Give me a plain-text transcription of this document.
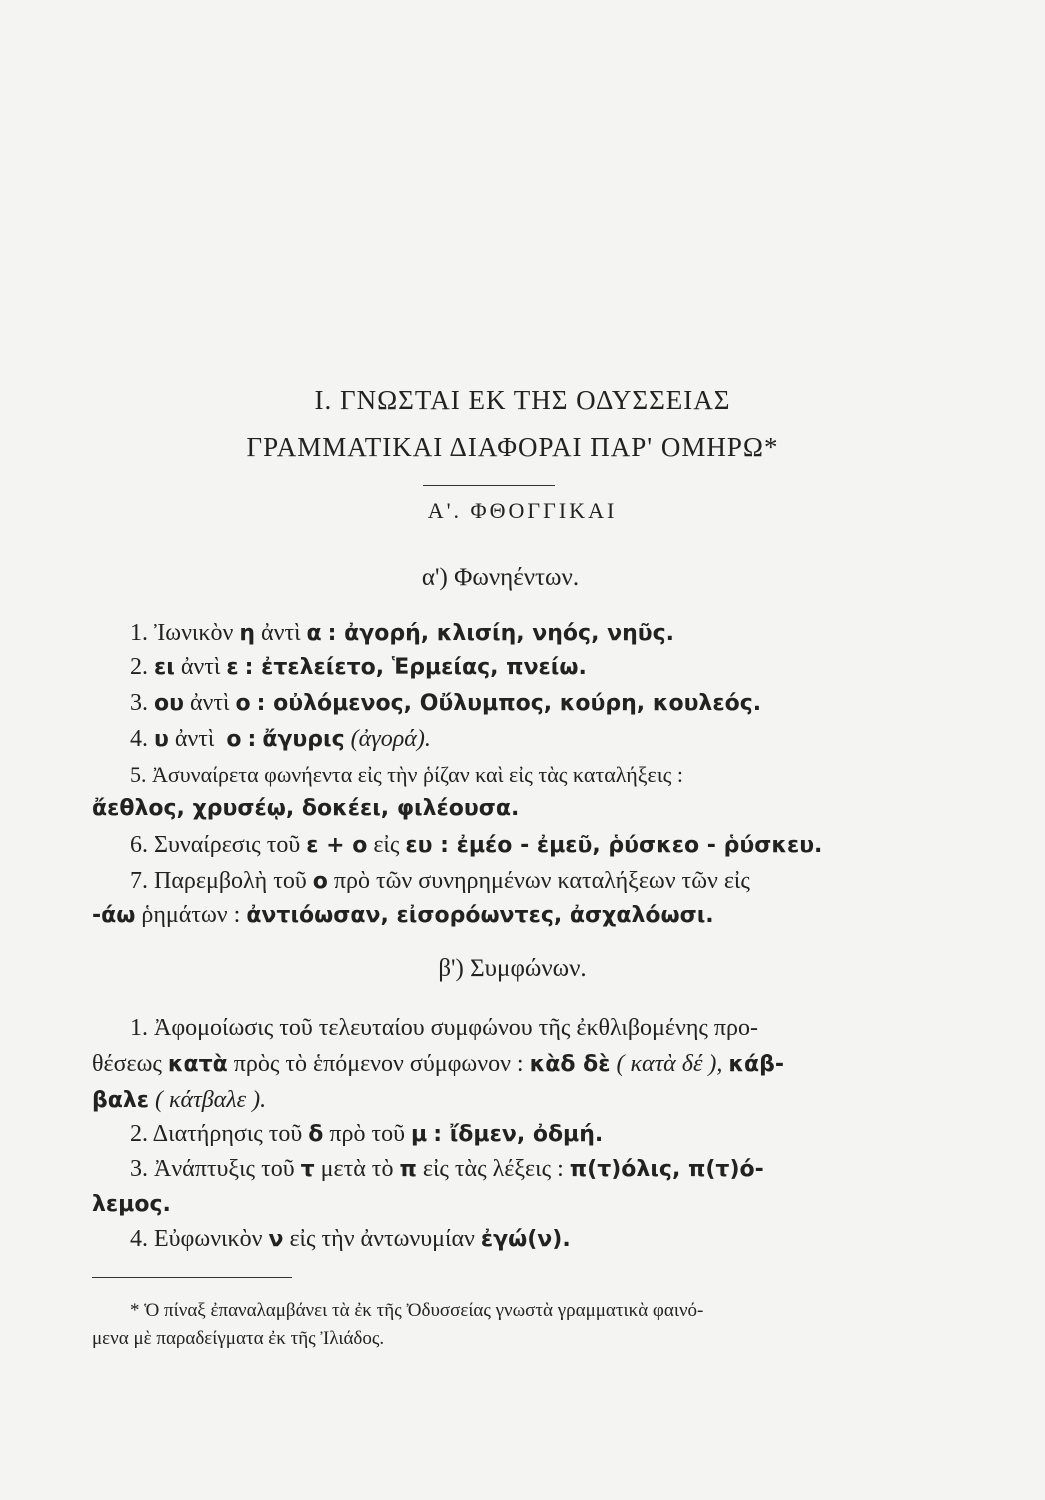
I. ΓΝΩΣΤΑΙ ΕΚ ΤΗΣ ΟΔΥΣΣΕΙΑΣ
ΓΡΑΜΜΑΤΙΚΑΙ ΔΙΑΦΟΡΑΙ ΠΑΡ' ΟΜΗΡΩ*
Α'. ΦΘΟΓΓΙΚΑΙ
α') Φωνηέντων.
1. Ἰωνικὸν η ἀντὶ α : ἀγορή, κλισίη, νηός, νηῦς.
2. ει ἀντὶ ε : ἐτελείετο, Ἑρμείας, πνείω.
3. ου ἀντὶ ο : οὐλόμενος, Οὔλυμπος, κούρη, κουλεός.
4. υ ἀντὶ ο : ἄγυρις (ἀγορά).
5. Ἀσυναίρετα φωνήεντα εἰς τὴν ῥίζαν καὶ εἰς τὰς καταλήξεις :
ἄεθλος, χρυσέῳ, δοκέει, φιλέουσα.
6. Συναίρεσις τοῦ ε + ο εἰς ευ : ἐμέο - ἐμεῦ, ῥύσκεο - ῥύσκευ.
7. Παρεμβολὴ τοῦ ο πρὸ τῶν συνηρημένων καταλήξεων τῶν εἰς
-άω ῥημάτων : ἀντιόωσαν, εἰσορόωντες, ἀσχαλόωσι.
β') Συμφώνων.
1. Ἀφομοίωσις τοῦ τελευταίου συμφώνου τῆς ἐκθλιβομένης προ-
θέσεως κατὰ πρὸς τὸ ἑπόμενον σύμφωνον : κὰδ δὲ ( κατὰ δέ ), κάβ-
βαλε ( κάτβαλε ).
2. Διατήρησις τοῦ δ πρὸ τοῦ μ : ἴδμεν, ὀδμή.
3. Ἀνάπτυξις τοῦ τ μετὰ τὸ π εἰς τὰς λέξεις : π(τ)όλις, π(τ)ό-
λεμος.
4. Εὐφωνικὸν ν εἰς τὴν ἀντωνυμίαν ἐγώ(ν).
* Ὁ πίναξ ἐπαναλαμβάνει τὰ ἐκ τῆς Ὀδυσσείας γνωστὰ γραμματικὰ φαινό-
μενα μὲ παραδείγματα ἐκ τῆς Ἰλιάδος.
